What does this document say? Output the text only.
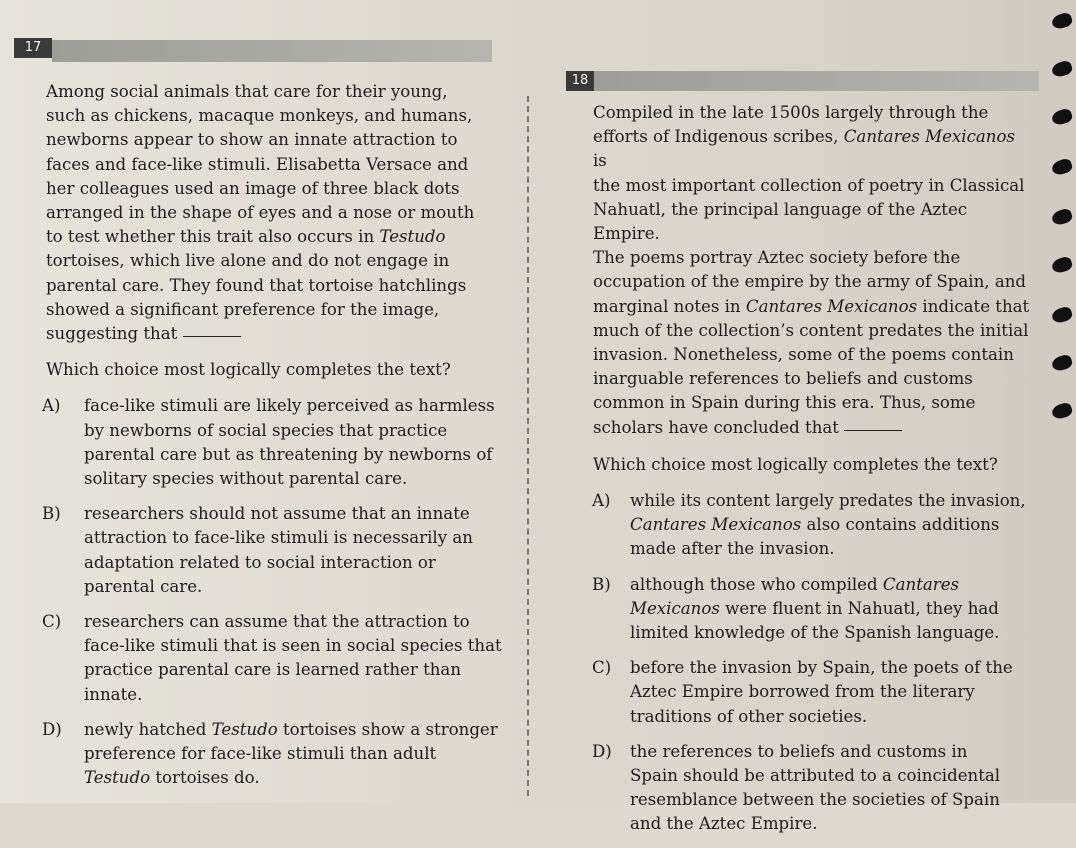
17
18

Among social animals that care for their young,
such as chickens, macaque monkeys, and humans,
newborns appear to show an innate attraction to
faces and face-like stimuli. Elisabetta Versace and
her colleagues used an image of three black dots
arranged in the shape of eyes and a nose or mouth
to test whether this trait also occurs in Testudo
tortoises, which live alone and do not engage in
parental care. They found that tortoise hatchlings
showed a significant preference for the image,
suggesting that

Which choice most logically completes the text?

A)	face-like stimuli are likely perceived as harmless
by newborns of social species that practice
parental care but as threatening by newborns of
solitary species without parental care.
B)	researchers should not assume that an innate
attraction to face-like stimuli is necessarily an
adaptation related to social interaction or
parental care.
C)	researchers can assume that the attraction to
face-like stimuli that is seen in social species that
practice parental care is learned rather than
innate.
D)	newly hatched Testudo tortoises show a stronger
preference for face-like stimuli than adult
Testudo tortoises do.

Compiled in the late 1500s largely through the
efforts of Indigenous scribes, Cantares Mexicanos is
the most important collection of poetry in Classical
Nahuatl, the principal language of the Aztec Empire.
The poems portray Aztec society before the
occupation of the empire by the army of Spain, and
marginal notes in Cantares Mexicanos indicate that
much of the collection’s content predates the initial
invasion. Nonetheless, some of the poems contain
inarguable references to beliefs and customs
common in Spain during this era. Thus, some
scholars have concluded that

Which choice most logically completes the text?

A)	while its content largely predates the invasion,
Cantares Mexicanos also contains additions
made after the invasion.
B)	although those who compiled Cantares
Mexicanos were fluent in Nahuatl, they had
limited knowledge of the Spanish language.
C)	before the invasion by Spain, the poets of the
Aztec Empire borrowed from the literary
traditions of other societies.
D)	the references to beliefs and customs in
Spain should be attributed to a coincidental
resemblance between the societies of Spain
and the Aztec Empire.
